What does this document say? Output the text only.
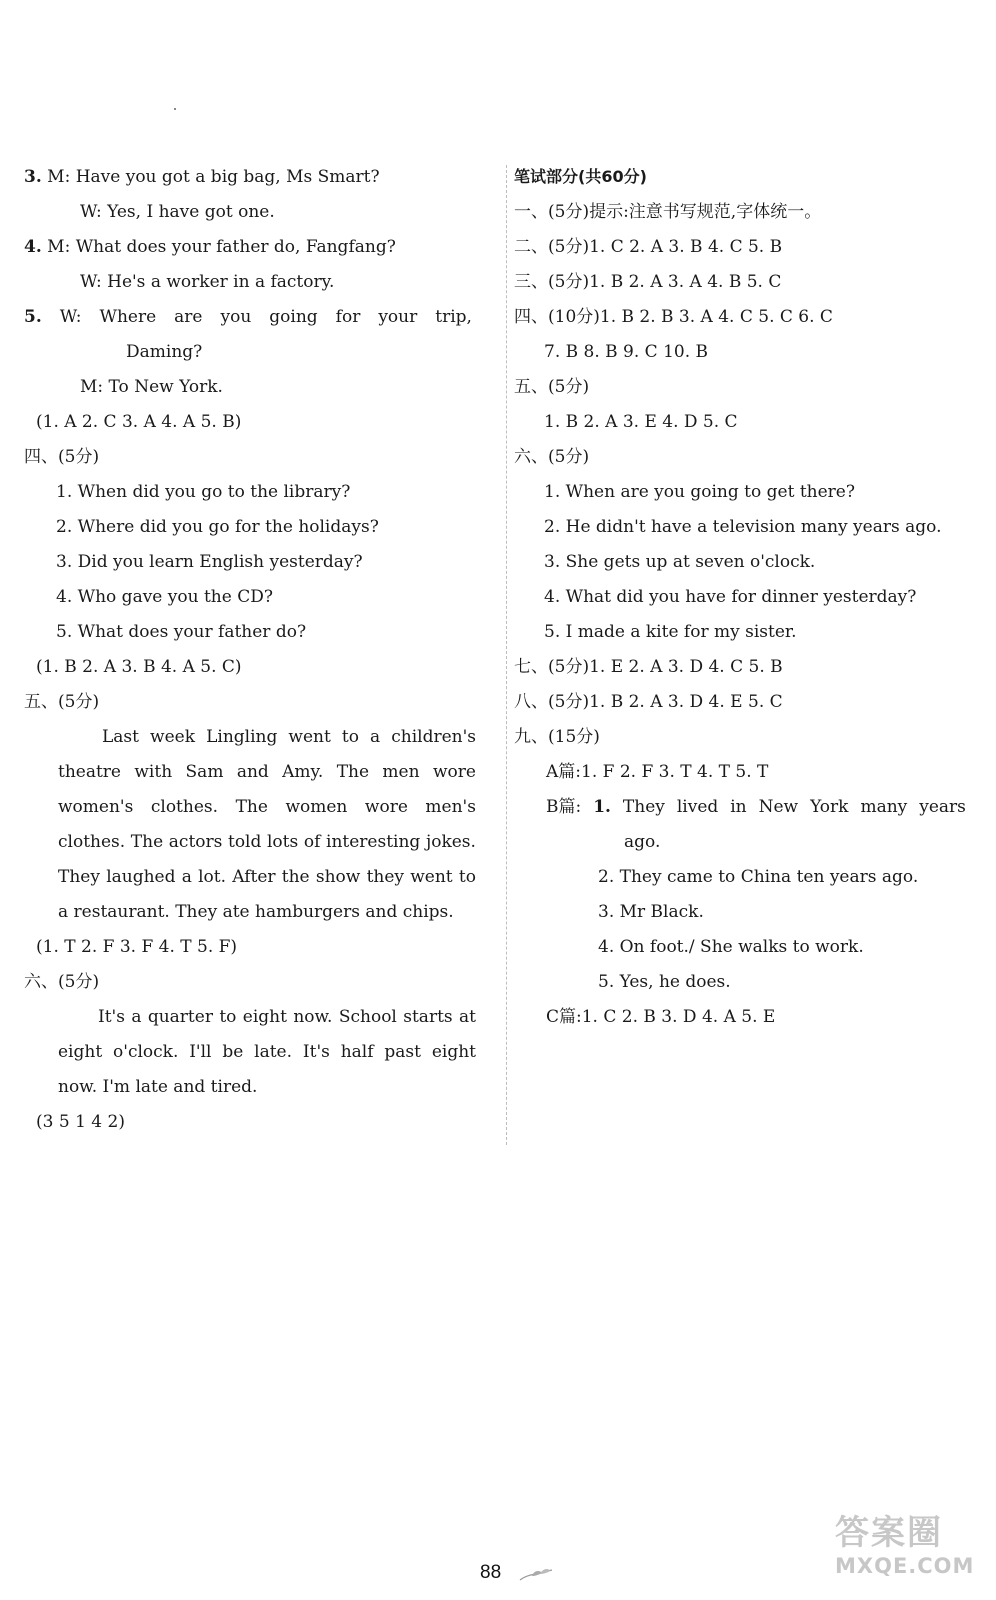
3. M: Have you got a big bag, Ms Smart?
W: Yes, I have got one.
4. M: What does your father do, Fangfang?
W: He's a worker in a factory.
5. W: Where are you going for your trip,
Daming?
M: To New York.
(1. A 2. C 3. A 4. A 5. B)
四、(5分)
1. When did you go to the library?
2. Where did you go for the holidays?
3. Did you learn English yesterday?
4. Who gave you the CD?
5. What does your father do?
(1. B 2. A 3. B 4. A 5. C)
五、(5分)
Last week Lingling went to a children's
theatre with Sam and Amy. The men wore
women's clothes. The women wore men's
clothes. The actors told lots of interesting jokes.
They laughed a lot. After the show they went to
a restaurant. They ate hamburgers and chips.
(1. T 2. F 3. F 4. T 5. F)
六、(5分)
It's a quarter to eight now. School starts at
eight o'clock. I'll be late. It's half past eight
now. I'm late and tired.
(3 5 1 4 2)
笔试部分(共60分)
一、(5分)提示:注意书写规范,字体统一。
二、(5分)1. C 2. A 3. B 4. C 5. B
三、(5分)1. B 2. A 3. A 4. B 5. C
四、(10分)1. B 2. B 3. A 4. C 5. C 6. C
7. B 8. B 9. C 10. B
五、(5分)
1. B 2. A 3. E 4. D 5. C
六、(5分)
1. When are you going to get there?
2. He didn't have a television many years ago.
3. She gets up at seven o'clock.
4. What did you have for dinner yesterday?
5. I made a kite for my sister.
七、(5分)1. E 2. A 3. D 4. C 5. B
八、(5分)1. B 2. A 3. D 4. E 5. C
九、(15分)
A篇:1. F 2. F 3. T 4. T 5. T
B篇: 1. They lived in New York many years
ago.
2. They came to China ten years ago.
3. Mr Black.
4. On foot./ She walks to work.
5. Yes, he does.
C篇:1. C 2. B 3. D 4. A 5. E
88
答案圈
MXQE.COM
